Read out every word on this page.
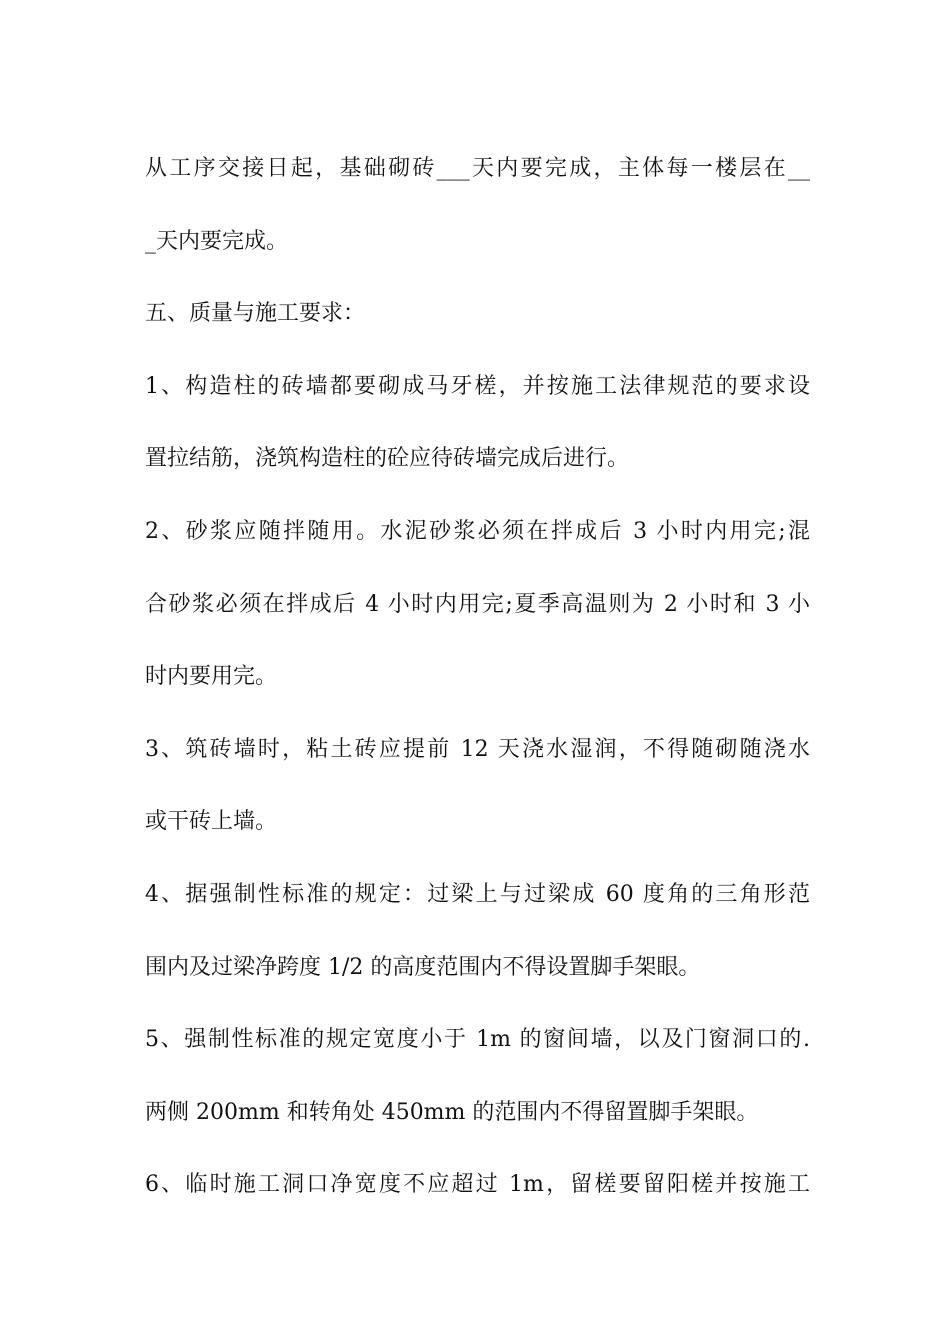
从工序交接日起，基础砌砖___天内要完成，主体每一楼层在__
_天内要完成。
五、质量与施工要求：
1、构造柱的砖墙都要砌成马牙槎，并按施工法律规范的要求设
置拉结筋，浇筑构造柱的砼应待砖墙完成后进行。
2、砂浆应随拌随用。水泥砂浆必须在拌成后 3 小时内用完;混
合砂浆必须在拌成后 4 小时内用完;夏季高温则为 2 小时和 3 小
时内要用完。
3、筑砖墙时，粘土砖应提前 12 天浇水湿润，不得随砌随浇水
或干砖上墙。
4、据强制性标准的规定：过梁上与过梁成 60 度角的三角形范
围内及过梁净跨度 1/2 的高度范围内不得设置脚手架眼。
5、强制性标准的规定宽度小于 1m 的窗间墙，以及门窗洞口的.
两侧 200mm 和转角处 450mm 的范围内不得留置脚手架眼。
6、临时施工洞口净宽度不应超过 1m，留槎要留阳槎并按施工
